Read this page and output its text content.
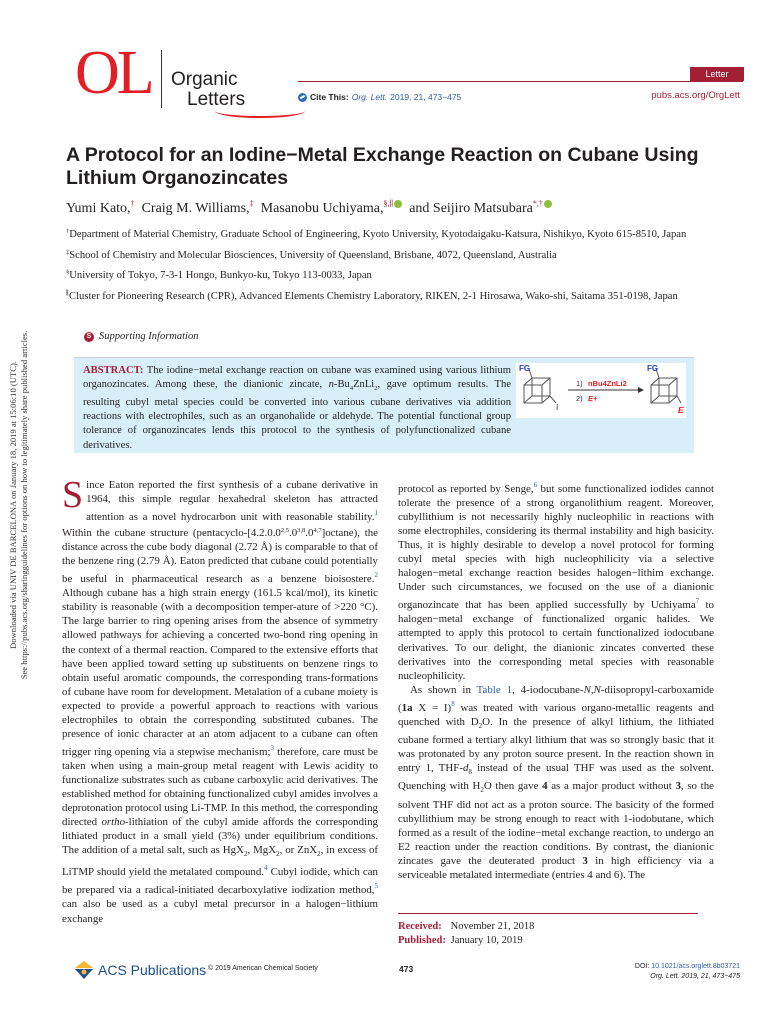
Downloaded via UNIV DE BARCELONA on January 18, 2019 at 15:06:10 (UTC). See https://pubs.acs.org/sharingguidelines for options on how to legitimately share published articles.
OL Organic
Letters
Letter
Cite This: Org. Lett. 2019, 21, 473−475	pubs.acs.org/OrgLett
A Protocol for an Iodine−Metal Exchange Reaction on Cubane Using Lithium Organozincates
Yumi Kato,† Craig M. Williams,‡ Masanobu Uchiyama,§,∥ and Seijiro Matsubara*,†

†Department of Material Chemistry, Graduate School of Engineering, Kyoto University, Kyotodaigaku-Katsura, Nishikyo, Kyoto 615-8510, Japan

‡School of Chemistry and Molecular Biosciences, University of Queensland, Brisbane, 4072, Queensland, Australia

§University of Tokyo, 7-3-1 Hongo, Bunkyo-ku, Tokyo 113-0033, Japan

∥Cluster for Pioneering Research (CPR), Advanced Elements Chemistry Laboratory, RIKEN, 2-1 Hirosawa, Wako-shi, Saitama 351-0198, Japan

S Supporting Information
ABSTRACT: The iodine−metal exchange reaction on cubane was examined using various lithium organozincates. Among these, the dianionic zincate, $n-Bu_4ZnLi_2$, gave optimum results. The resulting cubyl metal species could be converted into various cubane derivatives via addition reactions with electrophiles, such as an organohalide or aldehyde. The potential functional group tolerance of organozincates lends this protocol to the synthesis of polyfunctionalized cubane derivatives.
FG
I
1) nBu4ZnLi2
2) E+
FG
E

Since Eaton reported the first synthesis of a cubane derivative in 1964, this simple regular hexahedral skeleton has attracted attention as a novel hydrocarbon unit with reasonable stability.$^1$ Within the cubane structure (pentacyclo-[4.2.0.0$^{2,5}$.0$^{3,8}$.0$^{4,7}$]octane), the distance across the cube body diagonal (2.72 Å) is comparable to that of the benzene ring (2.79 Å). Eaton predicted that cubane could potentially be useful in pharmaceutical research as a benzene bioisostere.$^2$ Although cubane has a high strain energy (161.5 kcal/mol), its kinetic stability is reasonable (with a decomposition temper-ature of >220 °C). The large barrier to ring opening arises from the absence of symmetry allowed pathways for achieving a concerted two-bond ring opening in the context of a thermal reaction. Compared to the extensive efforts that have been applied toward setting up substituents on benzene rings to obtain useful aromatic compounds, the corresponding trans-formations of cubane have room for development. Metalation of a cubane moiety is expected to provide a powerful approach to reactions with various electrophiles to obtain the corresponding substituted cubanes. The presence of ionic character at an atom adjacent to a cubane can often trigger ring opening via a stepwise mechanism;$^3$ therefore, care must be taken when using a main-group metal reagent with Lewis acidity to functionalize substrates such as cubane carboxylic acid derivatives. The established method for obtaining functionalized cubyl amides involves a deprotonation protocol using Li-TMP. In this method, the corresponding directed ortho-lithiation of the cubyl amide affords the corresponding lithiated product in a small yield (3%) under equilibrium conditions. The addition of a metal salt, such as HgX$_2$, MgX$_2$, or ZnX$_2$, in excess of LiTMP should yield the metalated compound.$^4$ Cubyl iodide, which can be prepared via a radical-initiated decarboxylative iodization method,$^5$ can also be used as a cubyl metal precursor in a halogen−lithium exchange

protocol as reported by Senge,$^6$ but some functionalized iodides cannot tolerate the presence of a strong organolithium reagent. Moreover, cubyllithium is not necessarily highly nucleophilic in reactions with some electrophiles, considering its thermal instability and high basicity. Thus, it is highly desirable to develop a novel protocol for forming cubyl metal species with high nucleophilicity via a selective halogen−metal exchange reaction besides halogen−lithim exchange. Under such circumstances, we focused on the use of a dianionic organozincate that has been applied successfully by Uchiyama$^7$ to halogen−metal exchange of functionalized organic halides. We attempted to apply this protocol to certain functionalized iodocubane derivatives. To our delight, the dianionic zincates converted these derivatives into the corresponding metal species with reasonable nucleophilicity.

As shown in Table 1, 4-iodocubane-N,N-diisopropyl-carboxamide (1a X = I)$^8$ was treated with various organo-metallic reagents and quenched with $D_2O$. In the presence of alkyl lithium, the lithiated cubane formed a tertiary alkyl lithium that was so strongly basic that it was protonated by any proton source present. In the reaction shown in entry 1, THF-$d_8$ instead of the usual THF was used as the solvent. Quenching with $H_2O$ then gave 4 as a major product without 3, so the solvent THF did not act as a proton source. The basicity of the formed cubyllithium may be strong enough to react with 1-iodobutane, which formed as a result of the iodine−metal exchange reaction, to undergo an E2 reaction under the reaction conditions. By contrast, the dianionic zincates gave the deuterated product 3 in high efficiency via a serviceable metalated intermediate (entries 4 and 6). The

Received: November 21, 2018
Published: January 10, 2019
ACS Publications © 2019 American Chemical Society	473	DOI: 10.1021/acs.orglett.8b03721
Org. Lett. 2019, 21, 473−475
